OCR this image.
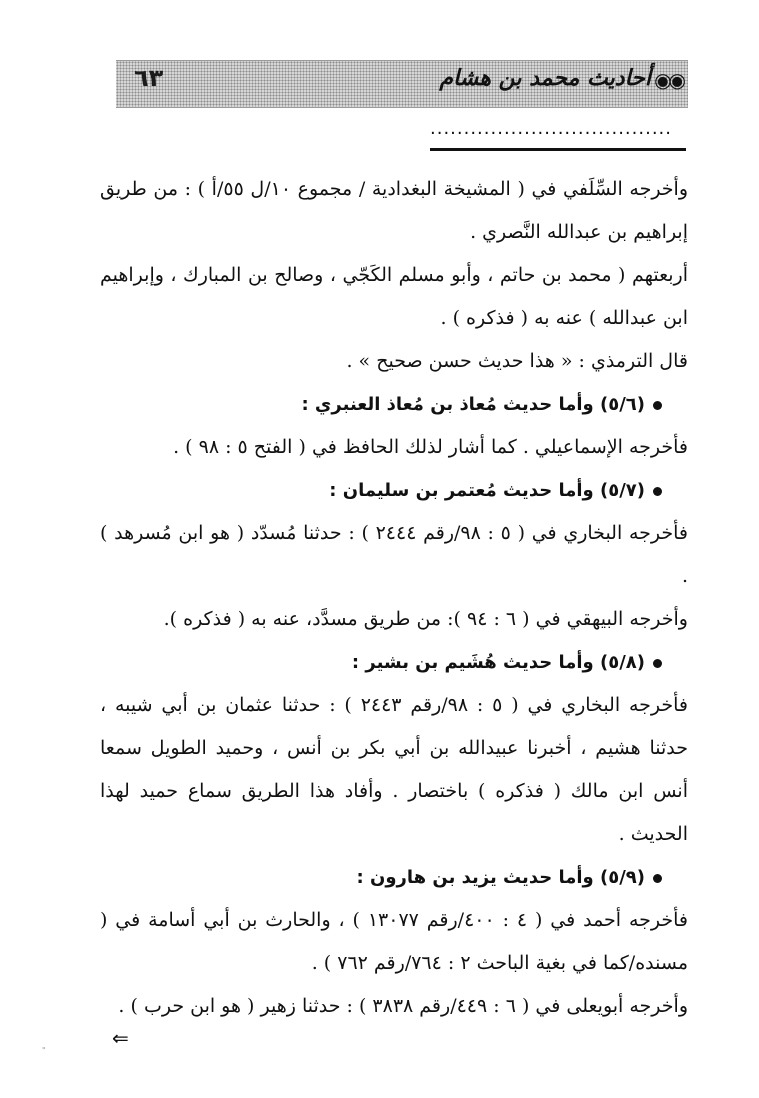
٦٣	◉◉
أحاديث محمد بن هشام
....................................

وأخرجه السِّلَفي في ( المشيخة البغدادية / مجموع ١٠/ل ٥٥/أ ) : من طريق إبراهيم بن عبدالله النَّصري .

أربعتهم ( محمد بن حاتم ، وأبو مسلم الكَجّي ، وصالح بن المبارك ، وإبراهيم ابن عبدالله ) عنه به ( فذكره ) .

قال الترمذي : « هذا حديث حسن صحيح » .

(٥/٦) وأما حديث مُعاذ بن مُعاذ العنبري :

فأخرجه الإسماعيلي . كما أشار لذلك الحافظ في ( الفتح ٥ : ٩٨ ) .

(٥/٧) وأما حديث مُعتمر بن سليمان :

فأخرجه البخاري في ( ٥ : ٩٨/رقم ٢٤٤٤ ) : حدثنا مُسدّد ( هو ابن مُسرهد ) .

وأخرجه البيهقي في ( ٦ : ٩٤ ): من طريق مسدَّد، عنه به ( فذكره ).

(٥/٨) وأما حديث هُشَيم بن بشير :

فأخرجه البخاري في ( ٥ : ٩٨/رقم ٢٤٤٣ ) : حدثنا عثمان بن أبي شيبه ، حدثنا هشيم ، أخبرنا عبيدالله بن أبي بكر بن أنس ، وحميد الطويل سمعا أنس ابن مالك ( فذكره ) باختصار . وأفاد هذا الطريق سماع حميد لهذا الحديث .

(٥/٩) وأما حديث يزيد بن هارون :

فأخرجه أحمد في ( ٤ : ٤٠٠/رقم ١٣٠٧٧ ) ، والحارث بن أبي أسامة في ( مسنده/كما في بغية الباحث ٢ : ٧٦٤/رقم ٧٦٢ ) .

وأخرجه أبويعلى في ( ٦ : ٤٤٩/رقم ٣٨٣٨ ) : حدثنا زهير ( هو ابن حرب ) .

⇐
"
